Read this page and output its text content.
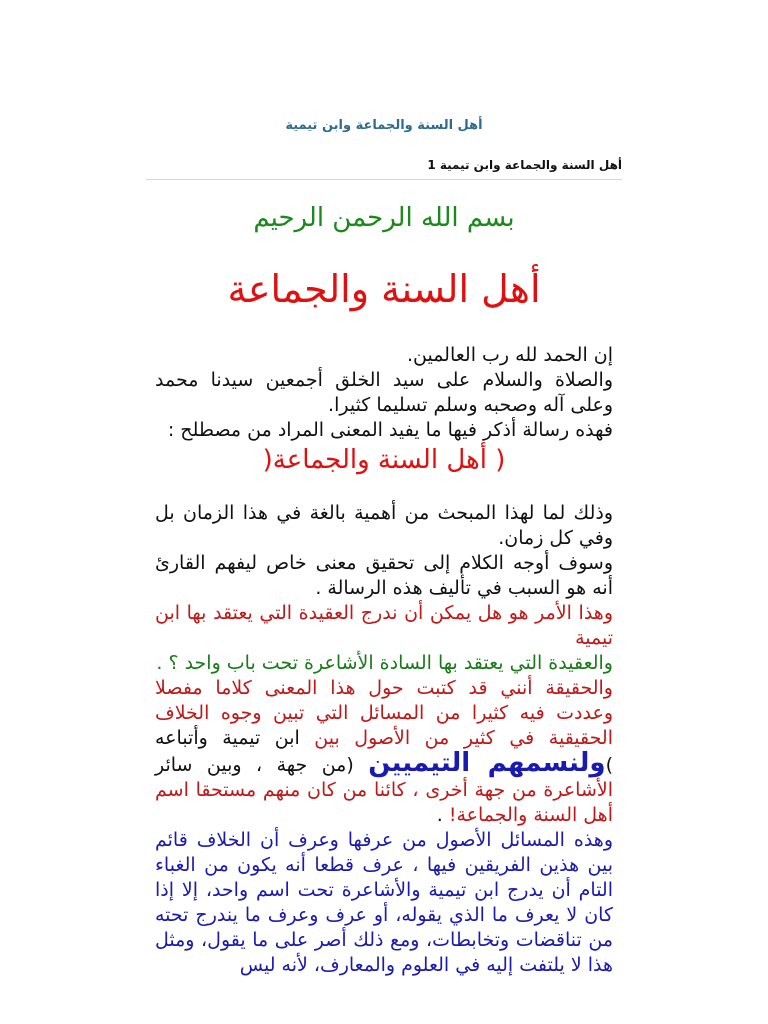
أهل السنة والجماعة وابن تيمية
أهل السنة والجماعة وابن تيمية 1
بسم الله الرحمن الرحيم
أهل السنة والجماعة

إن الحمد لله رب العالمين.

والصلاة والسلام على سيد الخلق أجمعين سيدنا محمد وعلى آله وصحبه وسلم تسليما كثيرا.

فهذه رسالة أذكر فيها ما يفيد المعنى المراد من مصطلح :

( أهل السنة والجماعة(

وذلك لما لهذا المبحث من أهمية بالغة في هذا الزمان بل وفي كل زمان.

وسوف أوجه الكلام إلى تحقيق معنى خاص ليفهم القارئ أنه هو السبب في تأليف هذه الرسالة .

وهذا الأمر هو هل يمكن أن ندرج العقيدة التي يعتقد بها ابن تيمية

والعقيدة التي يعتقد بها السادة الأشاعرة تحت باب واحد ؟ .

والحقيقة أنني قد كتبت حول هذا المعنى كلاما مفصلا وعددت فيه كثيرا من المسائل التي تبين وجوه الخلاف الحقيقية في كثير من الأصول بين ابن تيمية وأتباعه )ولنسمهم التيميين (من جهة ، وبين سائر الأشاعرة من جهة أخرى ، كائنا من كان منهم مستحقا اسم أهل السنة والجماعة! .

وهذه المسائل الأصول من عرفها وعرف أن الخلاف قائم بين هذين الفريقين فيها ، عرف قطعا أنه يكون من الغباء التام أن يدرج ابن تيمية والأشاعرة تحت اسم واحد، إلا إذا كان لا يعرف ما الذي يقوله، أو عرف وعرف ما يندرج تحته من تناقضات وتخابطات، ومع ذلك أصر على ما يقول، ومثل هذا لا يلتفت إليه في العلوم والمعارف، لأنه ليس
